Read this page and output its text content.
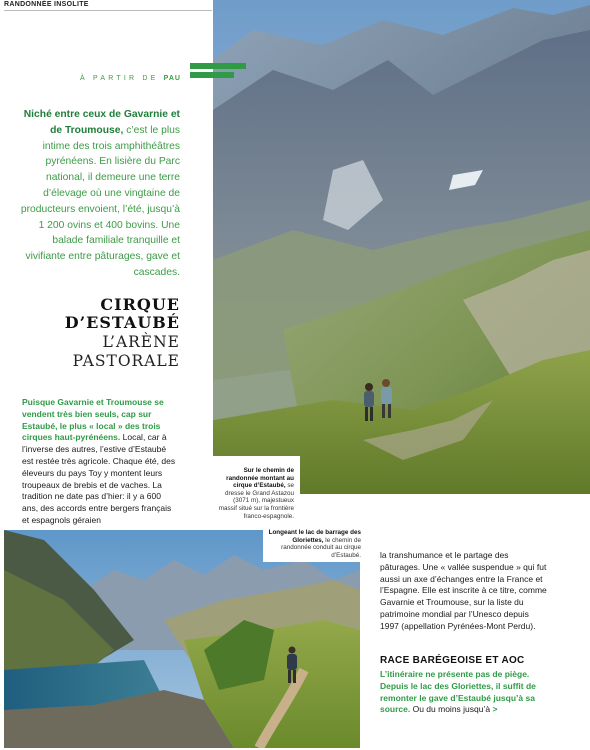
RANDONNÉE INSOLITE
À PARTIR DE PAU

Niché entre ceux de Gavarnie et de Troumouse, c’est le plus intime des trois amphithéâtres pyrénéens. En lisière du Parc national, il demeure une terre d’élevage où une vingtaine de producteurs envoient, l’été, jusqu’à 1 200 ovins et 400 bovins. Une balade familiale tranquille et vivifiante entre pâturages, gave et cascades.

CIRQUE
D’ESTAUBÉ
L’ARÈNE
PASTORALE

Puisque Gavarnie et Troumouse se vendent très bien seuls, cap sur Estaubé, le plus « local » des trois cirques haut-pyrénéens. Local, car à l’inverse des autres, l’estive d’Estaubé est restée très agricole. Chaque été, des éleveurs du pays Toy y montent leurs troupeaux de brebis et de vaches. La tradition ne date pas d’hier: il y a 600 ans, des accords entre bergers français et espagnols géraien

Sur le chemin de randonnée montant au cirque d’Estaubé, se dresse le Grand Astazou (3071 m), majestueux massif situé sur la frontière franco-espagnole.
Longeant le lac de barrage des Gloriettes, le chemin de randonnée conduit au cirque d’Estaubé.	la transhumance et le partage des pâturages. Une « vallée suspendue » qui fut aussi un axe d’échanges entre la France et l’Espagne. Elle est inscrite à ce titre, comme Gavarnie et Troumouse, sur la liste du patrimoine mondial par l’Unesco depuis 1997 (appellation Pyrénées-Mont Perdu).

RACE BARÉGEOISE ET AOC

L’itinéraire ne présente pas de piège. Depuis le lac des Gloriettes, il suffit de remonter le gave d’Estaubé jusqu’à sa source. Ou du moins jusqu’à >
